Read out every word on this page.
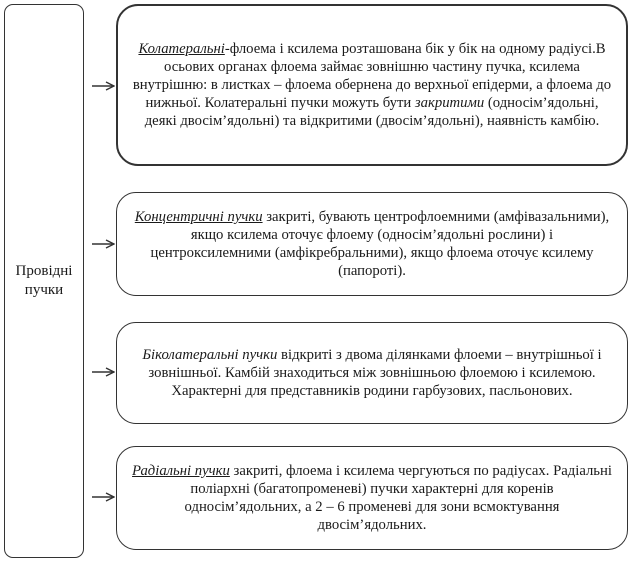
Провідні
пучки

Колатеральні-флоема і ксилема розташована бік у бік на одному радіусі.В осьових органах флоема займає зовнішню частину пучка, ксилема внутрішню: в листках – флоема обернена до верхньої епідерми, а флоема до нижньої. Колатеральні пучки можуть бути закритими (односім’ядольні, деякі двосім’ядольні) та відкритими (двосім’ядольні), наявність камбію.

Концентричні пучки закриті, бувають центрофлоемними (амфівазальними), якщо ксилема оточує флоему (односім’ядольні рослини) і центроксилемними (амфікребральними), якщо флоема оточує ксилему (папороті).

Біколатеральні пучки відкриті з двома ділянками флоеми – внутрішньої і зовнішньої. Камбій знаходиться між зовнішньою флоемою і ксилемою. Характерні для представників родини гарбузових, пасльонових.

Радіальні пучки закриті, флоема і ксилема чергуються по радіусах. Радіальні поліархні (багатопроменеві) пучки характерні для коренів односім’ядольних, а 2 – 6 променеві для зони всмоктування двосім’ядольних.
